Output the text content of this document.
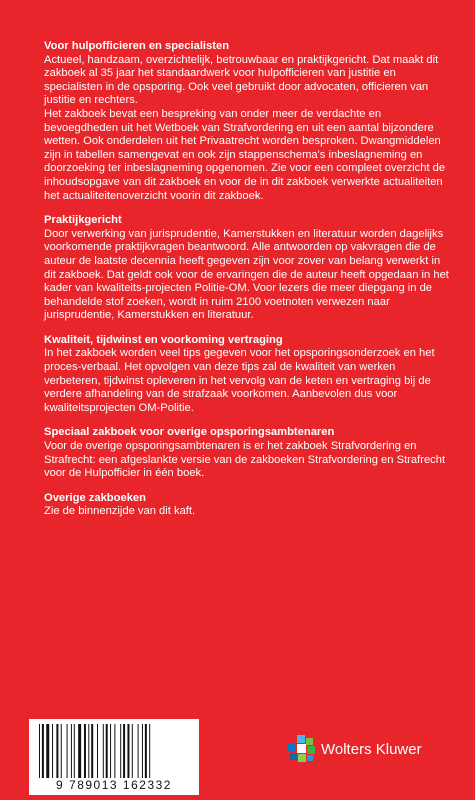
Voor hulpofficieren en specialisten
Actueel, handzaam, overzichtelijk, betrouwbaar en praktijkgericht. Dat maakt dit zakboek al 35 jaar het standaardwerk voor hulpofficieren van justitie en specialisten in de opsporing. Ook veel gebruikt door advocaten, officieren van justitie en rechters.
Het zakboek bevat een bespreking van onder meer de verdachte en bevoegdheden uit het Wetboek van Strafvordering en uit een aantal bijzondere wetten. Ook onderdelen uit het Privaatrecht worden besproken. Dwangmiddelen zijn in tabellen samengevat en ook zijn stappenschema's inbeslagneming en doorzoeking ter inbeslagneming opgenomen. Zie voor een compleet overzicht de inhoudsopgave van dit zakboek en voor de in dit zakboek verwerkte actualiteiten het actualiteitenoverzicht voorin dit zakboek.
Praktijkgericht
Door verwerking van jurisprudentie, Kamerstukken en literatuur worden dagelijks voorkomende praktijkvragen beantwoord. Alle antwoorden op vakvragen die de auteur de laatste decennia heeft gegeven zijn voor zover van belang verwerkt in dit zakboek. Dat geldt ook voor de ervaringen die de auteur heeft opgedaan in het kader van kwaliteits-projecten Politie-OM. Voor lezers die meer diepgang in de behandelde stof zoeken, wordt in ruim 2100 voetnoten verwezen naar jurisprudentie, Kamerstukken en literatuur.
Kwaliteit, tijdwinst en voorkoming vertraging
In het zakboek worden veel tips gegeven voor het opsporingsonderzoek en het proces-verbaal. Het opvolgen van deze tips zal de kwaliteit van werken verbeteren, tijdwinst opleveren in het vervolg van de keten en vertraging bij de verdere afhandeling van de strafzaak voorkomen. Aanbevolen dus voor kwaliteitsprojecten OM-Politie.
Speciaal zakboek voor overige opsporingsambtenaren
Voor de overige opsporingsambtenaren is er het zakboek Strafvordering en Strafrecht: een afgeslankte versie van de zakboeken Strafvordering en Strafrecht voor de Hulpofficier in één boek.
Overige zakboeken
Zie de binnenzijde van dit kaft.
9 789013 162332
Wolters Kluwer
